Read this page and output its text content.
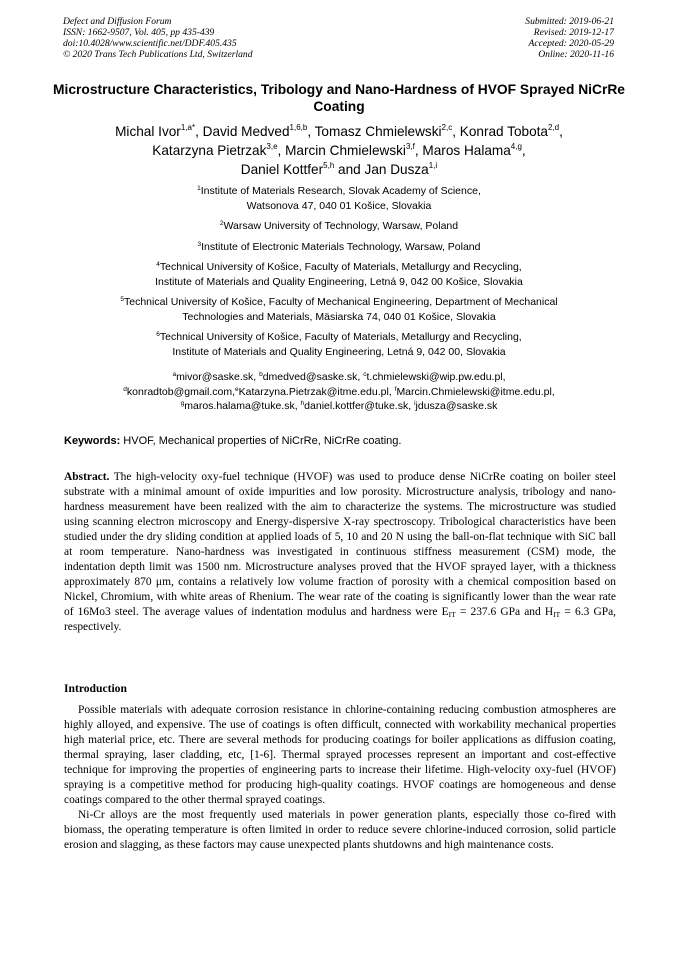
Defect and Diffusion Forum
ISSN: 1662-9507, Vol. 405, pp 435-439
doi:10.4028/www.scientific.net/DDF.405.435
© 2020 Trans Tech Publications Ltd, Switzerland
Submitted: 2019-06-21
Revised: 2019-12-17
Accepted: 2020-05-29
Online: 2020-11-16
Microstructure Characteristics, Tribology and Nano-Hardness of HVOF Sprayed NiCrRe Coating
Michal Ivor$^{1,a*}$, David Medved$^{1,6,b}$, Tomasz Chmielewski$^{2,c}$, Konrad Tobota$^{2,d}$,
Katarzyna Pietrzak$^{3,e}$, Marcin Chmielewski$^{3,f}$, Maros Halama$^{4,g}$,
Daniel Kottfer$^{5,h}$ and Jan Dusza$^{1,i}$
$^1$Institute of Materials Research, Slovak Academy of Science,
Watsonova 47, 040 01 Košice, Slovakia
$^2$Warsaw University of Technology, Warsaw, Poland
$^3$Institute of Electronic Materials Technology, Warsaw, Poland
$^4$Technical University of Košice, Faculty of Materials, Metallurgy and Recycling,
Institute of Materials and Quality Engineering, Letná 9, 042 00 Košice, Slovakia
$^5$Technical University of Košice, Faculty of Mechanical Engineering, Department of Mechanical
Technologies and Materials, Mäsiarska 74, 040 01 Košice, Slovakia
$^6$Technical University of Košice, Faculty of Materials, Metallurgy and Recycling,
Institute of Materials and Quality Engineering, Letná 9, 042 00, Slovakia
$^a$mivor@saske.sk, $^b$dmedved@saske.sk, $^c$t.chmielewski@wip.pw.edu.pl,
$^d$konradtob@gmail.com,$^e$Katarzyna.Pietrzak@itme.edu.pl, $^f$Marcin.Chmielewski@itme.edu.pl,
$^g$maros.halama@tuke.sk, $^h$daniel.kottfer@tuke.sk, $^i$jdusza@saske.sk
Keywords: HVOF, Mechanical properties of NiCrRe, NiCrRe coating.
Abstract. The high-velocity oxy-fuel technique (HVOF) was used to produce dense NiCrRe coating on boiler steel substrate with a minimal amount of oxide impurities and low porosity. Microstructure analysis, tribology and nano-hardness measurement have been realized with the aim to characterize the systems. The microstructure was studied using scanning electron microscopy and Energy-dispersive X-ray spectroscopy. Tribological characteristics have been studied under the dry sliding condition at applied loads of 5, 10 and 20 N using the ball-on-flat technique with SiC ball at room temperature. Nano-hardness was investigated in continuous stiffness measurement (CSM) mode, the indentation depth limit was 1500 nm. Microstructure analyses proved that the HVOF sprayed layer, with a thickness approximately 870 μm, contains a relatively low volume fraction of porosity with a chemical composition based on Nickel, Chromium, with white areas of Rhenium. The wear rate of the coating is significantly lower than the wear rate of 16Mo3 steel. The average values of indentation modulus and hardness were $E_{IT} = 237.6$ GPa and $H_{IT} = 6.3$ GPa, respectively.
Introduction

Possible materials with adequate corrosion resistance in chlorine-containing reducing combustion atmospheres are highly alloyed, and expensive. The use of coatings is often difficult, connected with workability mechanical properties high material price, etc. There are several methods for producing coatings for boiler applications as diffusion coating, thermal spraying, laser cladding, etc, [1-6]. Thermal sprayed processes represent an important and cost-effective technique for improving the properties of engineering parts to increase their lifetime. High-velocity oxy-fuel (HVOF) spraying is a competitive method for producing high-quality coatings. HVOF coatings are homogeneous and dense coatings compared to the other thermal sprayed coatings.

Ni-Cr alloys are the most frequently used materials in power generation plants, especially those co-fired with biomass, the operating temperature is often limited in order to reduce severe chlorine-induced corrosion, solid particle erosion and slagging, as these factors may cause unexpected plants shutdowns and high maintenance costs.
